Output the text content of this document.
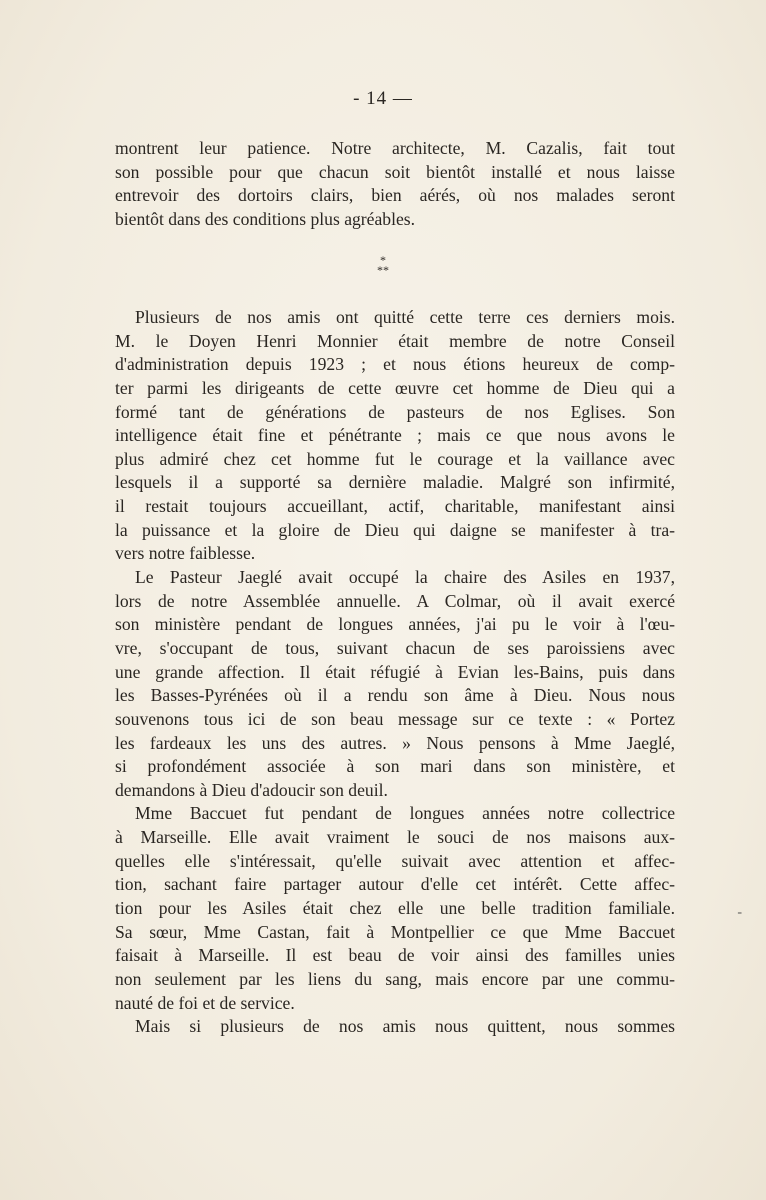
- 14 —
montrent leur patience. Notre architecte, M. Cazalis, fait tout
son possible pour que chacun soit bientôt installé et nous laisse
entrevoir des dortoirs clairs, bien aérés, où nos malades seront
bientôt dans des conditions plus agréables.
*
**
Plusieurs de nos amis ont quitté cette terre ces derniers mois.
M. le Doyen Henri Monnier était membre de notre Conseil
d'administration depuis 1923 ; et nous étions heureux de comp-
ter parmi les dirigeants de cette œuvre cet homme de Dieu qui a
formé tant de générations de pasteurs de nos Eglises. Son
intelligence était fine et pénétrante ; mais ce que nous avons le
plus admiré chez cet homme fut le courage et la vaillance avec
lesquels il a supporté sa dernière maladie. Malgré son infirmité,
il restait toujours accueillant, actif, charitable, manifestant ainsi
la puissance et la gloire de Dieu qui daigne se manifester à tra-
vers notre faiblesse.
Le Pasteur Jaeglé avait occupé la chaire des Asiles en 1937,
lors de notre Assemblée annuelle. A Colmar, où il avait exercé
son ministère pendant de longues années, j'ai pu le voir à l'œu-
vre, s'occupant de tous, suivant chacun de ses paroissiens avec
une grande affection. Il était réfugié à Evian les-Bains, puis dans
les Basses-Pyrénées où il a rendu son âme à Dieu. Nous nous
souvenons tous ici de son beau message sur ce texte : « Portez
les fardeaux les uns des autres. » Nous pensons à Mme Jaeglé,
si profondément associée à son mari dans son ministère, et
demandons à Dieu d'adoucir son deuil.
Mme Baccuet fut pendant de longues années notre collectrice
à Marseille. Elle avait vraiment le souci de nos maisons aux-
quelles elle s'intéressait, qu'elle suivait avec attention et affec-
tion, sachant faire partager autour d'elle cet intérêt. Cette affec-
tion pour les Asiles était chez elle une belle tradition familiale.
Sa sœur, Mme Castan, fait à Montpellier ce que Mme Baccuet
faisait à Marseille. Il est beau de voir ainsi des familles unies
non seulement par les liens du sang, mais encore par une commu-
nauté de foi et de service.
Mais si plusieurs de nos amis nous quittent, nous sommes
-
